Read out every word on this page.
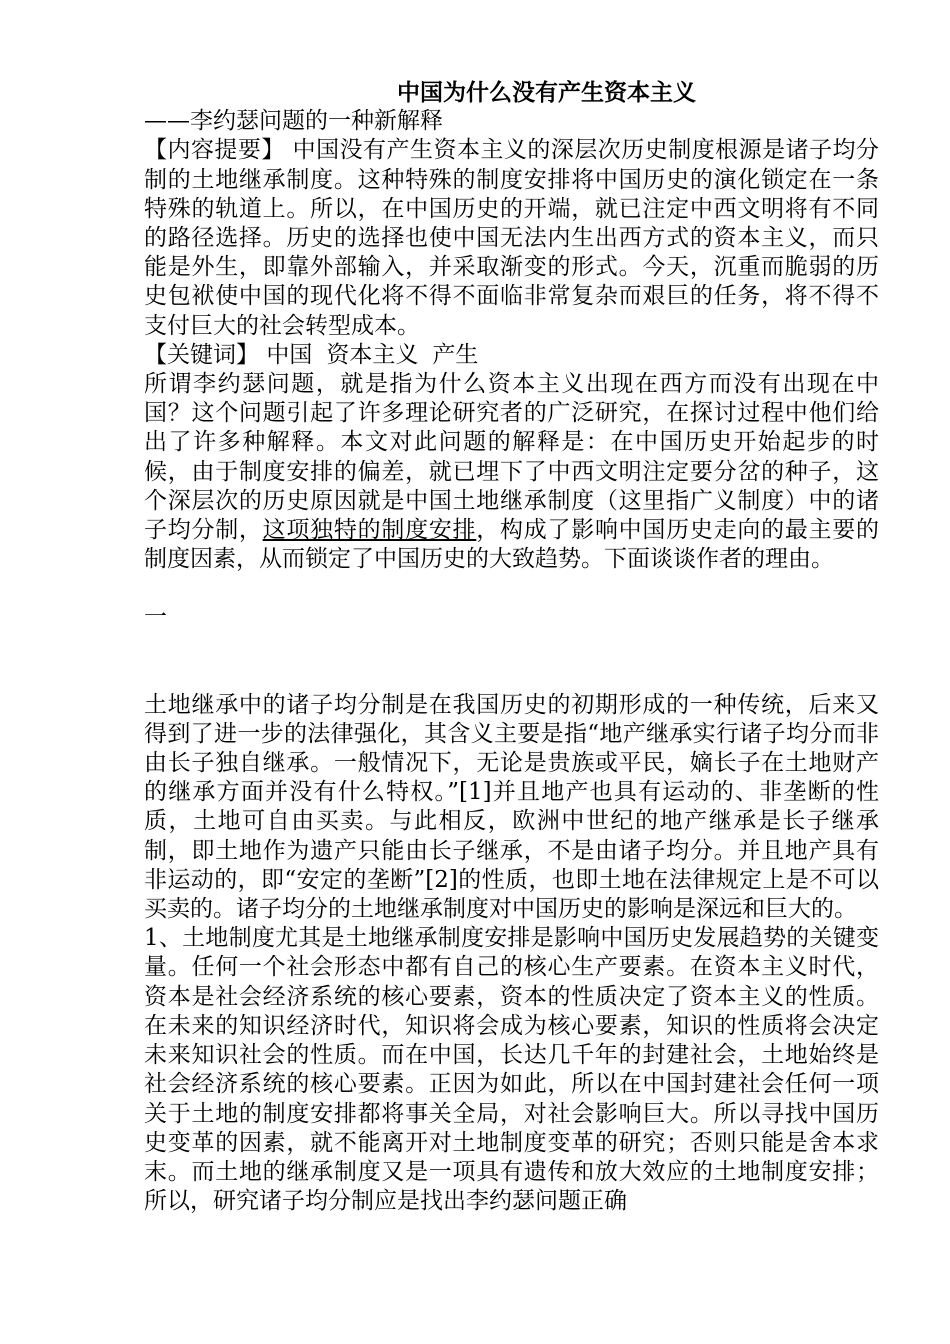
中国为什么没有产生资本主义

——李约瑟问题的一种新解释

【内容提要】 中国没有产生资本主义的深层次历史制度根源是诸子均分制的土地继承制度。这种特殊的制度安排将中国历史的演化锁定在一条特殊的轨道上。所以，在中国历史的开端，就已注定中西文明将有不同的路径选择。历史的选择也使中国无法内生出西方式的资本主义，而只能是外生，即靠外部输入，并采取渐变的形式。今天，沉重而脆弱的历史包袱使中国的现代化将不得不面临非常复杂而艰巨的任务，将不得不支付巨大的社会转型成本。

【关键词】 中国 资本主义 产生

所谓李约瑟问题，就是指为什么资本主义出现在西方而没有出现在中国？这个问题引起了许多理论研究者的广泛研究，在探讨过程中他们给出了许多种解释。本文对此问题的解释是：在中国历史开始起步的时候，由于制度安排的偏差，就已埋下了中西文明注定要分岔的种子，这个深层次的历史原因就是中国土地继承制度（这里指广义制度）中的诸子均分制，这项独特的制度安排，构成了影响中国历史走向的最主要的制度因素，从而锁定了中国历史的大致趋势。下面谈谈作者的理由。

一

土地继承中的诸子均分制是在我国历史的初期形成的一种传统，后来又得到了进一步的法律强化，其含义主要是指“地产继承实行诸子均分而非由长子独自继承。一般情况下，无论是贵族或平民，嫡长子在土地财产的继承方面并没有什么特权。”[1]并且地产也具有运动的、非垄断的性质，土地可自由买卖。与此相反，欧洲中世纪的地产继承是长子继承制，即土地作为遗产只能由长子继承，不是由诸子均分。并且地产具有非运动的，即“安定的垄断”[2]的性质，也即土地在法律规定上是不可以买卖的。诸子均分的土地继承制度对中国历史的影响是深远和巨大的。

1、土地制度尤其是土地继承制度安排是影响中国历史发展趋势的关键变量。任何一个社会形态中都有自己的核心生产要素。在资本主义时代，资本是社会经济系统的核心要素，资本的性质决定了资本主义的性质。在未来的知识经济时代，知识将会成为核心要素，知识的性质将会决定未来知识社会的性质。而在中国，长达几千年的封建社会，土地始终是社会经济系统的核心要素。正因为如此，所以在中国封建社会任何一项关于土地的制度安排都将事关全局，对社会影响巨大。所以寻找中国历史变革的因素，就不能离开对土地制度变革的研究；否则只能是舍本求末。而土地的继承制度又是一项具有遗传和放大效应的土地制度安排；所以，研究诸子均分制应是找出李约瑟问题正确
